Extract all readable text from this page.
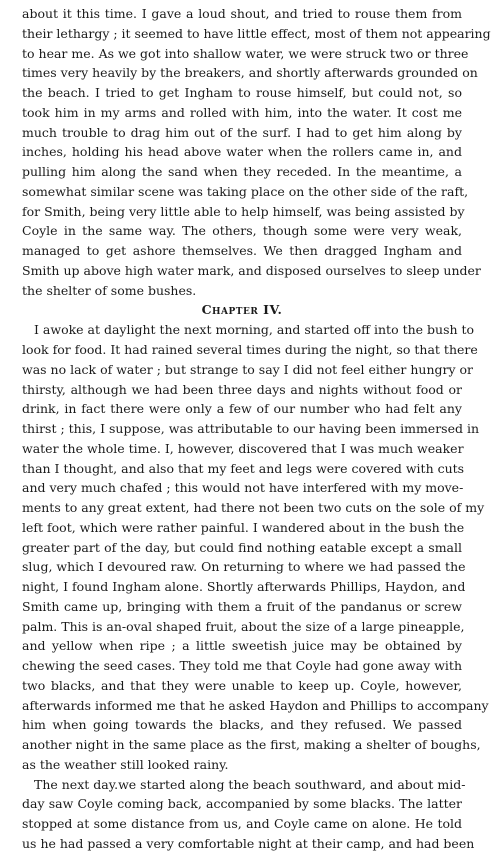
about it this time. I gave a loud shout, and tried to rouse them from
their lethargy ; it seemed to have little effect, most of them not appearing
to hear me. As we got into shallow water, we were struck two or three
times very heavily by the breakers, and shortly afterwards grounded on
the beach. I tried to get Ingham to rouse himself, but could not, so
took him in my arms and rolled with him, into the water. It cost me
much trouble to drag him out of the surf. I had to get him along by
inches, holding his head above water when the rollers came in, and
pulling him along the sand when they receded. In the meantime, a
somewhat similar scene was taking place on the other side of the raft,
for Smith, being very little able to help himself, was being assisted by
Coyle in the same way. The others, though some were very weak,
managed to get ashore themselves. We then dragged Ingham and
Smith up above high water mark, and disposed ourselves to sleep under
the shelter of some bushes.
Chapter IV.
I awoke at daylight the next morning, and started off into the bush to
look for food. It had rained several times during the night, so that there
was no lack of water ; but strange to say I did not feel either hungry or
thirsty, although we had been three days and nights without food or
drink, in fact there were only a few of our number who had felt any
thirst ; this, I suppose, was attributable to our having been immersed in
water the whole time. I, however, discovered that I was much weaker
than I thought, and also that my feet and legs were covered with cuts
and very much chafed ; this would not have interfered with my move-
ments to any great extent, had there not been two cuts on the sole of my
left foot, which were rather painful. I wandered about in the bush the
greater part of the day, but could find nothing eatable except a small
slug, which I devoured raw. On returning to where we had passed the
night, I found Ingham alone. Shortly afterwards Phillips, Haydon, and
Smith came up, bringing with them a fruit of the pandanus or screw
palm. This is an-oval shaped fruit, about the size of a large pineapple,
and yellow when ripe ; a little sweetish juice may be obtained by
chewing the seed cases. They told me that Coyle had gone away with
two blacks, and that they were unable to keep up. Coyle, however,
afterwards informed me that he asked Haydon and Phillips to accompany
him when going towards the blacks, and they refused. We passed
another night in the same place as the first, making a shelter of boughs,
as the weather still looked rainy.
The next day.we started along the beach southward, and about mid-
day saw Coyle coming back, accompanied by some blacks. The latter
stopped at some distance from us, and Coyle came on alone. He told
us he had passed a very comfortable night at their camp, and had been
